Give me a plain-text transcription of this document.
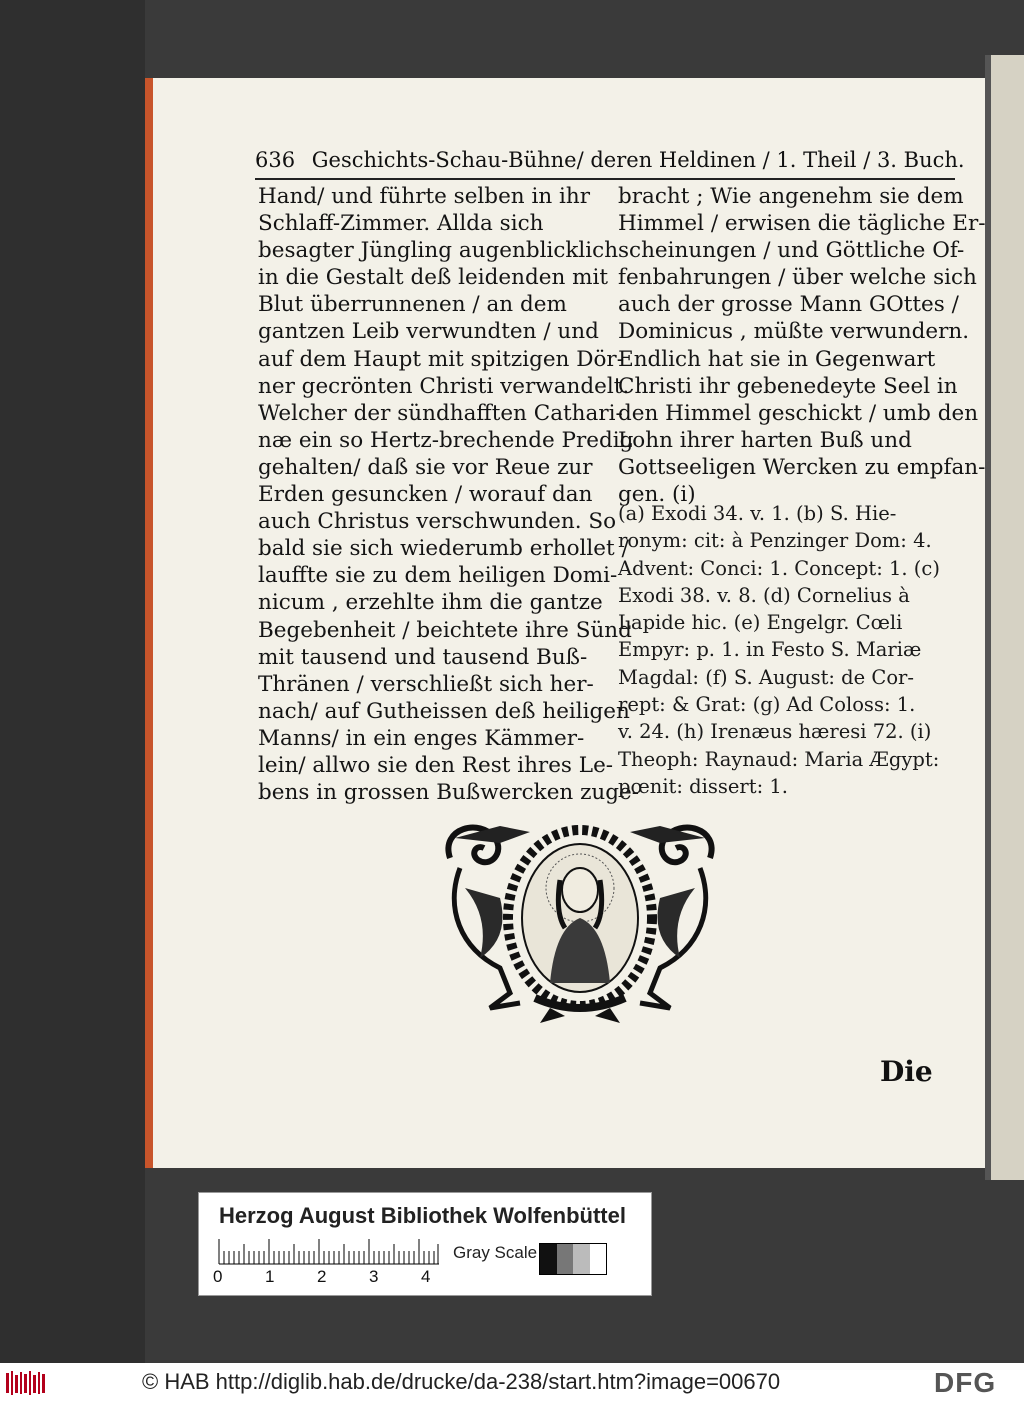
636 Geschichts-Schau-Bühne/ deren Heldinen / 1. Theil / 3. Buch.
Hand/ und führte selben in ihr
Schlaff-Zimmer. Allda sich
besagter Jüngling augenblicklich
in die Gestalt deß leidenden mit
Blut überrunnenen / an dem
gantzen Leib verwundten / und
auf dem Haupt mit spitzigen Dör-
ner gecrönten Christi verwandelt.
Welcher der sündhafften Cathari-
næ ein so Hertz-brechende Predig
gehalten/ daß sie vor Reue zur
Erden gesuncken / worauf dan
auch Christus verschwunden. So
bald sie sich wiederumb erhollet /
lauffte sie zu dem heiligen Domi-
nicum , erzehlte ihm die gantze
Begebenheit / beichtete ihre Sünd
mit tausend und tausend Buß-
Thränen / verschließt sich her-
nach/ auf Gutheissen deß heiligen
Manns/ in ein enges Kämmer-
lein/ allwo sie den Rest ihres Le-
bens in grossen Bußwercken zuge-
bracht ; Wie angenehm sie dem
Himmel / erwisen die tägliche Er-
scheinungen / und Göttliche Of-
fenbahrungen / über welche sich
auch der grosse Mann GOttes /
Dominicus , müßte verwundern.
Endlich hat sie in Gegenwart
Christi ihr gebenedeyte Seel in
den Himmel geschickt / umb den
Lohn ihrer harten Buß und
Gottseeligen Wercken zu empfan-
gen. (i)
(a) Exodi 34. v. 1. (b) S. Hie-
ronym: cit: à Penzinger Dom: 4.
Advent: Conci: 1. Concept: 1. (c)
Exodi 38. v. 8. (d) Cornelius à
Lapide hic. (e) Engelgr. Cœli
Empyr: p. 1. in Festo S. Mariæ
Magdal: (f) S. August: de Cor-
rept: & Grat: (g) Ad Coloss: 1.
v. 24. (h) Irenæus hæresi 72. (i)
Theoph: Raynaud: Maria Ægypt:
pœnit: dissert: 1.
Die
Herzog August Bibliothek Wolfenbüttel
0	1	2	3	4
Gray Scale
© HAB http://diglib.hab.de/drucke/da-238/start.htm?image=00670	DFG
